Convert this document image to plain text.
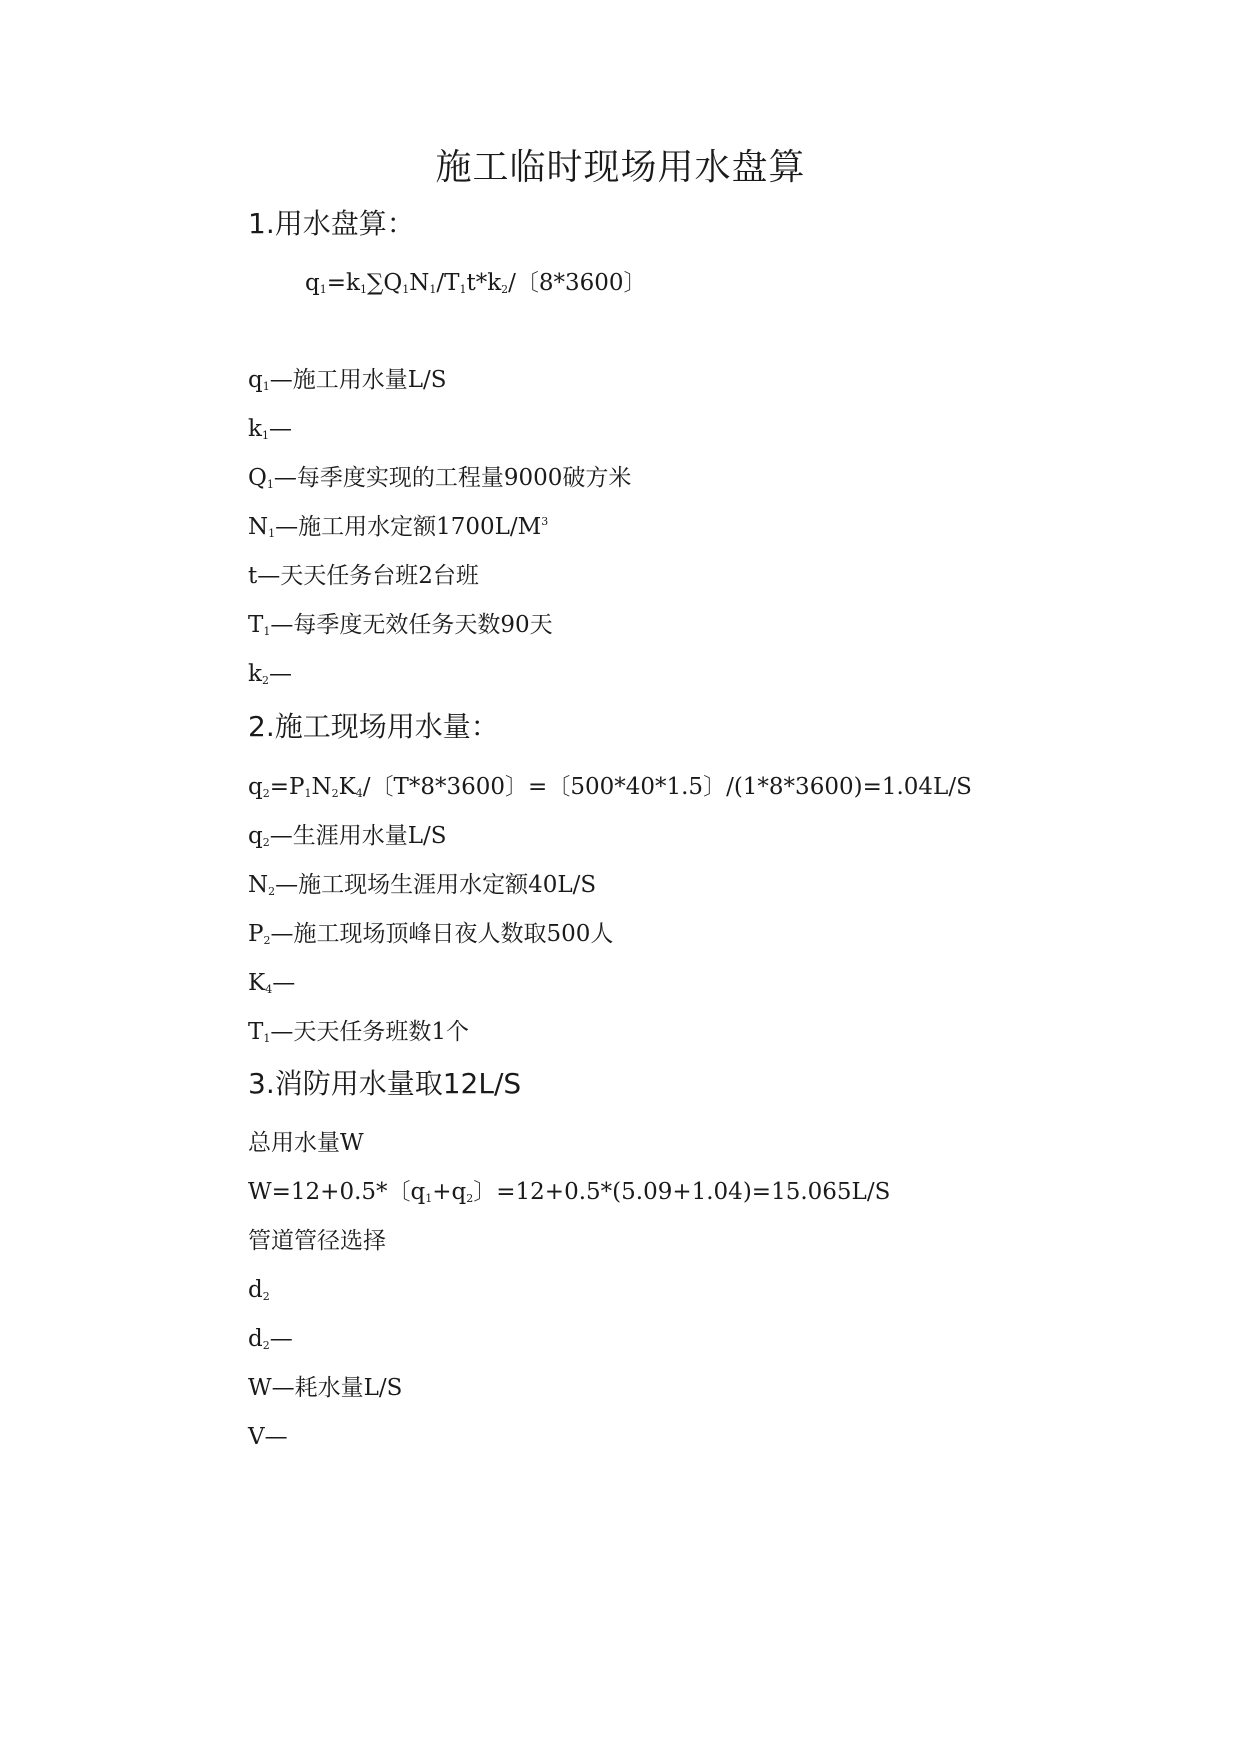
施工临时现场用水盘算
1.用水盘算：
$q_1=k_1\sum Q_1N_1/T_1t*k_2/$〔8*3600〕
$q_1—$施工用水量L/S
$k_1—$
$Q_1—$每季度实现的工程量9000破方米
$N_1—$施工用水定额$1700L/M^3$
t—天天任务台班2台班
$T_1—$每季度无效任务天数90天
$k_2—$
2.施工现场用水量：
$q_2=P_1N_2K_4/$〔T*8*3600〕=〔500*40*1.5〕/(1*8*3600)=1.04L/S
$q_2—$生涯用水量L/S
$N_2—$施工现场生涯用水定额40L/S
$P_2—$施工现场顶峰日夜人数取500人
$K_4—$
$T_1—$天天任务班数1个
3.消防用水量取12L/S
总用水量W
W=12+0.5*〔$q_1+q_2$〕=12+0.5*(5.09+1.04)=15.065L/S
管道管径选择
$d_2$
$d_2—$
W—耗水量L/S
V—
